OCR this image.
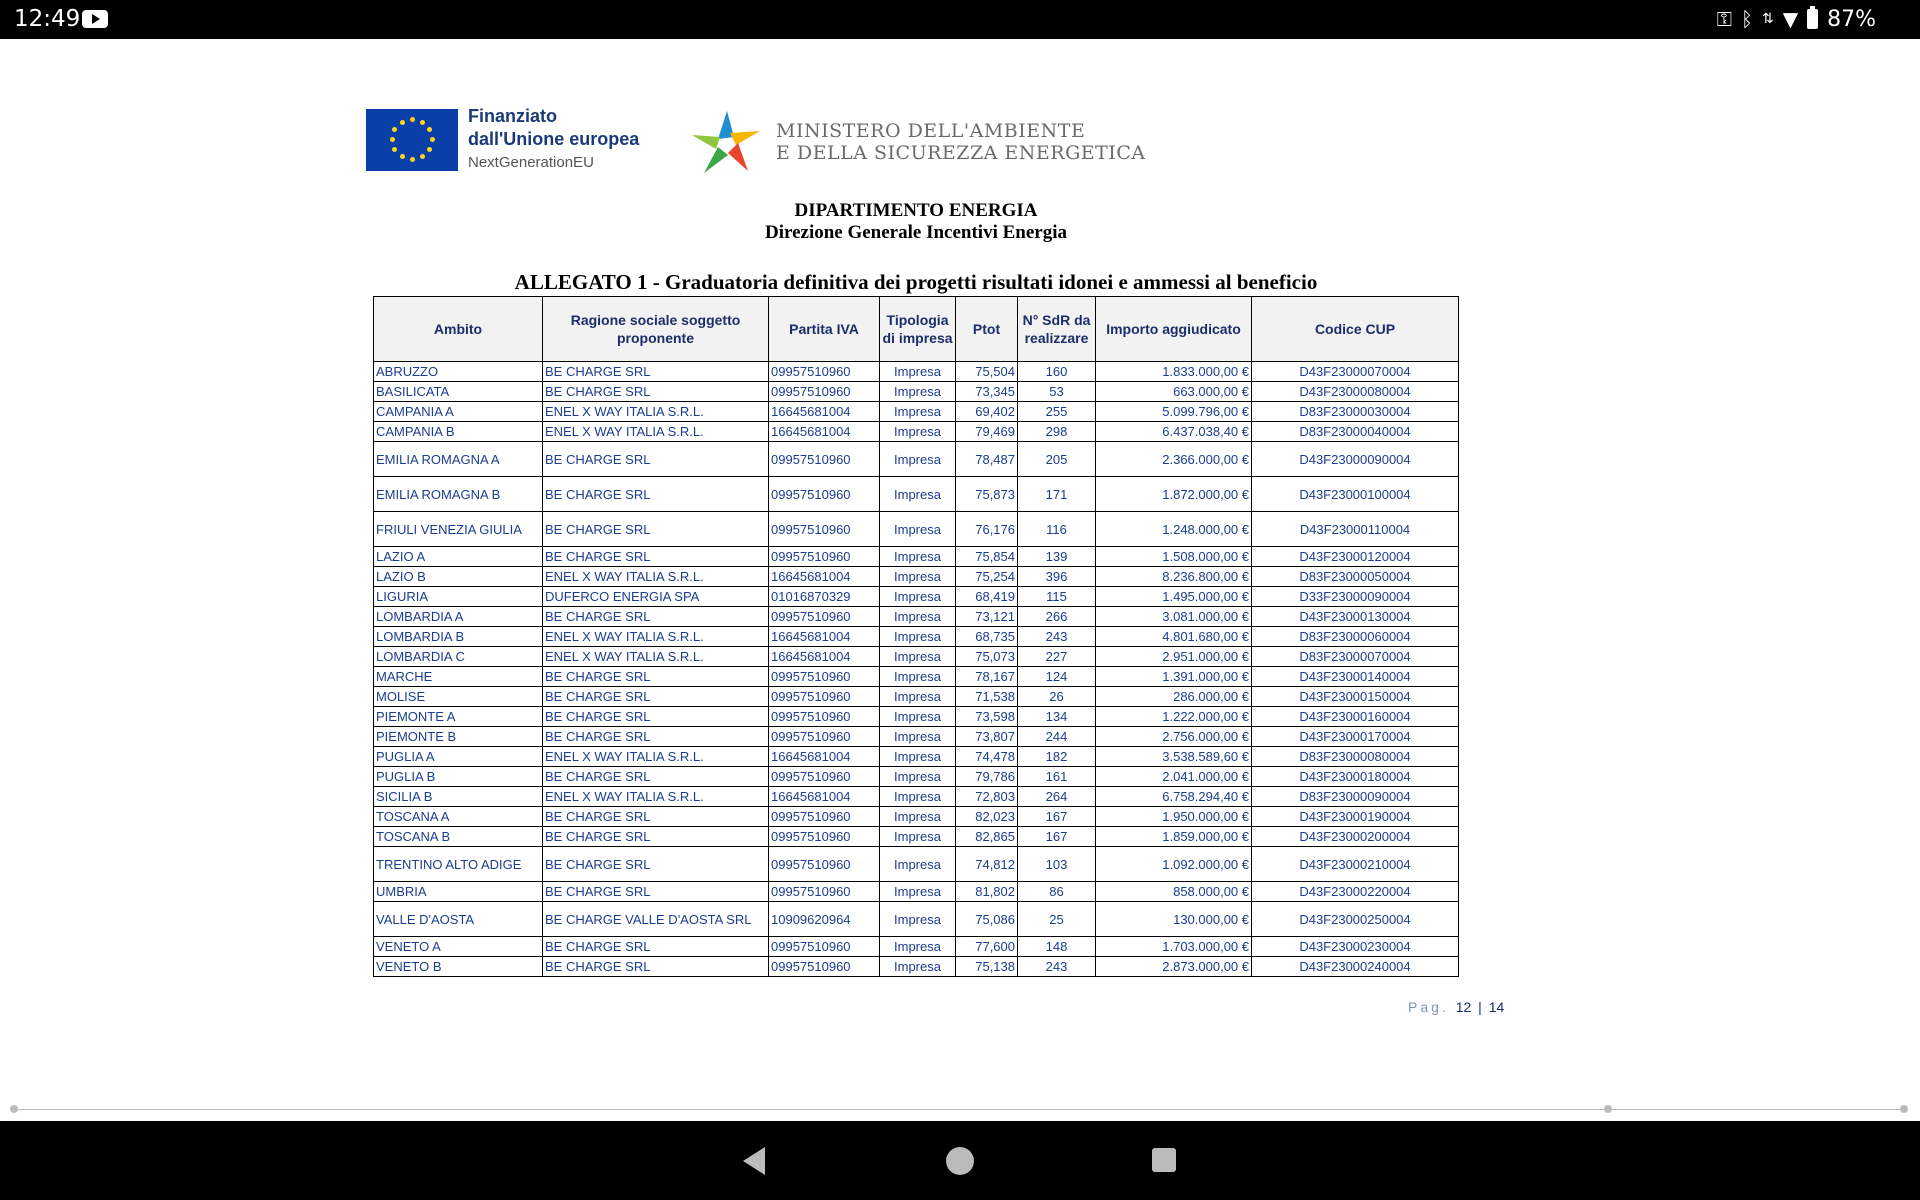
12:49	⚿ ᛒ ⇅ ▼ 87%
Finanziato
dall'Unione europea
NextGenerationEU
MINISTERO DELL'AMBIENTE
E DELLA SICUREZZA ENERGETICA
DIPARTIMENTO ENERGIA
Direzione Generale Incentivi Energia
ALLEGATO 1 - Graduatoria definitiva dei progetti risultati idonei e ammessi al beneficio
Ambito	Ragione sociale soggetto proponente	Partita IVA	Tipologia di impresa	Ptot	N° SdR da realizzare	Importo aggiudicato	Codice CUP
ABRUZZO	BE CHARGE SRL	09957510960	Impresa	75,504	160	1.833.000,00 €	D43F23000070004
BASILICATA	BE CHARGE SRL	09957510960	Impresa	73,345	53	663.000,00 €	D43F23000080004
CAMPANIA A	ENEL X WAY ITALIA S.R.L.	16645681004	Impresa	69,402	255	5.099.796,00 €	D83F23000030004
CAMPANIA B	ENEL X WAY ITALIA S.R.L.	16645681004	Impresa	79,469	298	6.437.038,40 €	D83F23000040004
EMILIA ROMAGNA A	BE CHARGE SRL	09957510960	Impresa	78,487	205	2.366.000,00 €	D43F23000090004
EMILIA ROMAGNA B	BE CHARGE SRL	09957510960	Impresa	75,873	171	1.872.000,00 €	D43F23000100004
FRIULI VENEZIA GIULIA	BE CHARGE SRL	09957510960	Impresa	76,176	116	1.248.000,00 €	D43F23000110004
LAZIO A	BE CHARGE SRL	09957510960	Impresa	75,854	139	1.508.000,00 €	D43F23000120004
LAZIO B	ENEL X WAY ITALIA S.R.L.	16645681004	Impresa	75,254	396	8.236.800,00 €	D83F23000050004
LIGURIA	DUFERCO ENERGIA SPA	01016870329	Impresa	68,419	115	1.495.000,00 €	D33F23000090004
LOMBARDIA A	BE CHARGE SRL	09957510960	Impresa	73,121	266	3.081.000,00 €	D43F23000130004
LOMBARDIA B	ENEL X WAY ITALIA S.R.L.	16645681004	Impresa	68,735	243	4.801.680,00 €	D83F23000060004
LOMBARDIA C	ENEL X WAY ITALIA S.R.L.	16645681004	Impresa	75,073	227	2.951.000,00 €	D83F23000070004
MARCHE	BE CHARGE SRL	09957510960	Impresa	78,167	124	1.391.000,00 €	D43F23000140004
MOLISE	BE CHARGE SRL	09957510960	Impresa	71,538	26	286.000,00 €	D43F23000150004
PIEMONTE A	BE CHARGE SRL	09957510960	Impresa	73,598	134	1.222.000,00 €	D43F23000160004
PIEMONTE B	BE CHARGE SRL	09957510960	Impresa	73,807	244	2.756.000,00 €	D43F23000170004
PUGLIA A	ENEL X WAY ITALIA S.R.L.	16645681004	Impresa	74,478	182	3.538.589,60 €	D83F23000080004
PUGLIA B	BE CHARGE SRL	09957510960	Impresa	79,786	161	2.041.000,00 €	D43F23000180004
SICILIA B	ENEL X WAY ITALIA S.R.L.	16645681004	Impresa	72,803	264	6.758.294,40 €	D83F23000090004
TOSCANA A	BE CHARGE SRL	09957510960	Impresa	82,023	167	1.950.000,00 €	D43F23000190004
TOSCANA B	BE CHARGE SRL	09957510960	Impresa	82,865	167	1.859.000,00 €	D43F23000200004
TRENTINO ALTO ADIGE	BE CHARGE SRL	09957510960	Impresa	74,812	103	1.092.000,00 €	D43F23000210004
UMBRIA	BE CHARGE SRL	09957510960	Impresa	81,802	86	858.000,00 €	D43F23000220004
VALLE D'AOSTA	BE CHARGE VALLE D'AOSTA SRL	10909620964	Impresa	75,086	25	130.000,00 €	D43F23000250004
VENETO A	BE CHARGE SRL	09957510960	Impresa	77,600	148	1.703.000,00 €	D43F23000230004
VENETO B	BE CHARGE SRL	09957510960	Impresa	75,138	243	2.873.000,00 €	D43F23000240004
Pag. 12 | 14
